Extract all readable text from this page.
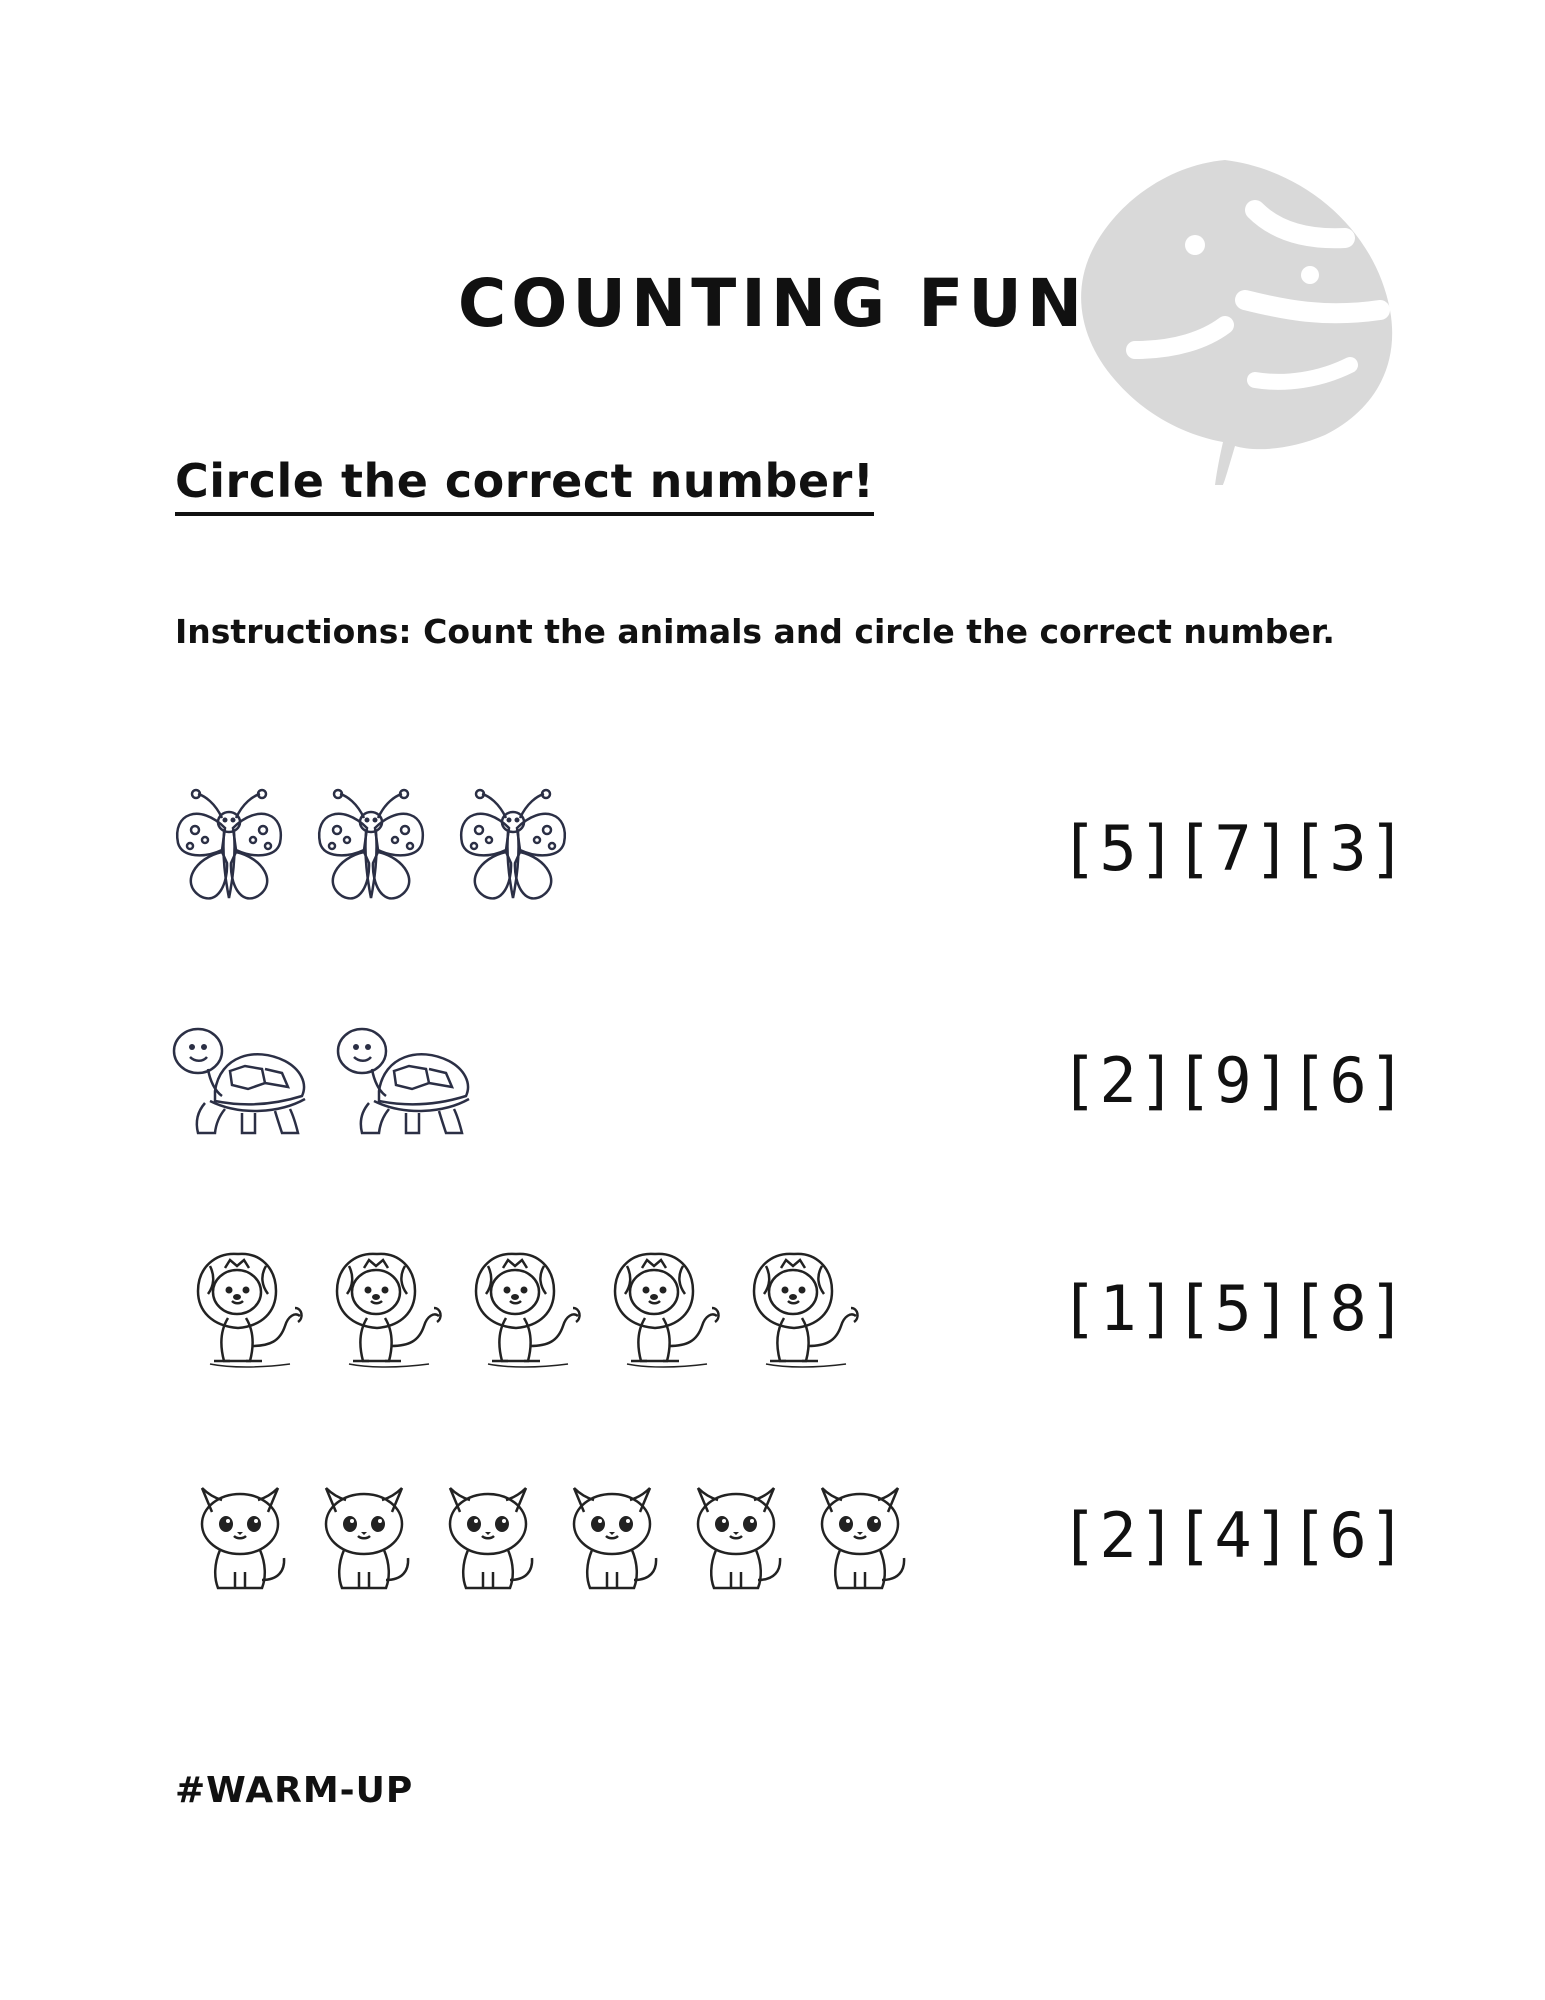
COUNTING FUN
Circle the correct number!
Instructions: Count the animals and circle the correct number.
[5]
[7]
[3]
[2]
[9]
[6]
[1]
[5]
[8]
[2]
[4]
[6]
#WARM-UP
